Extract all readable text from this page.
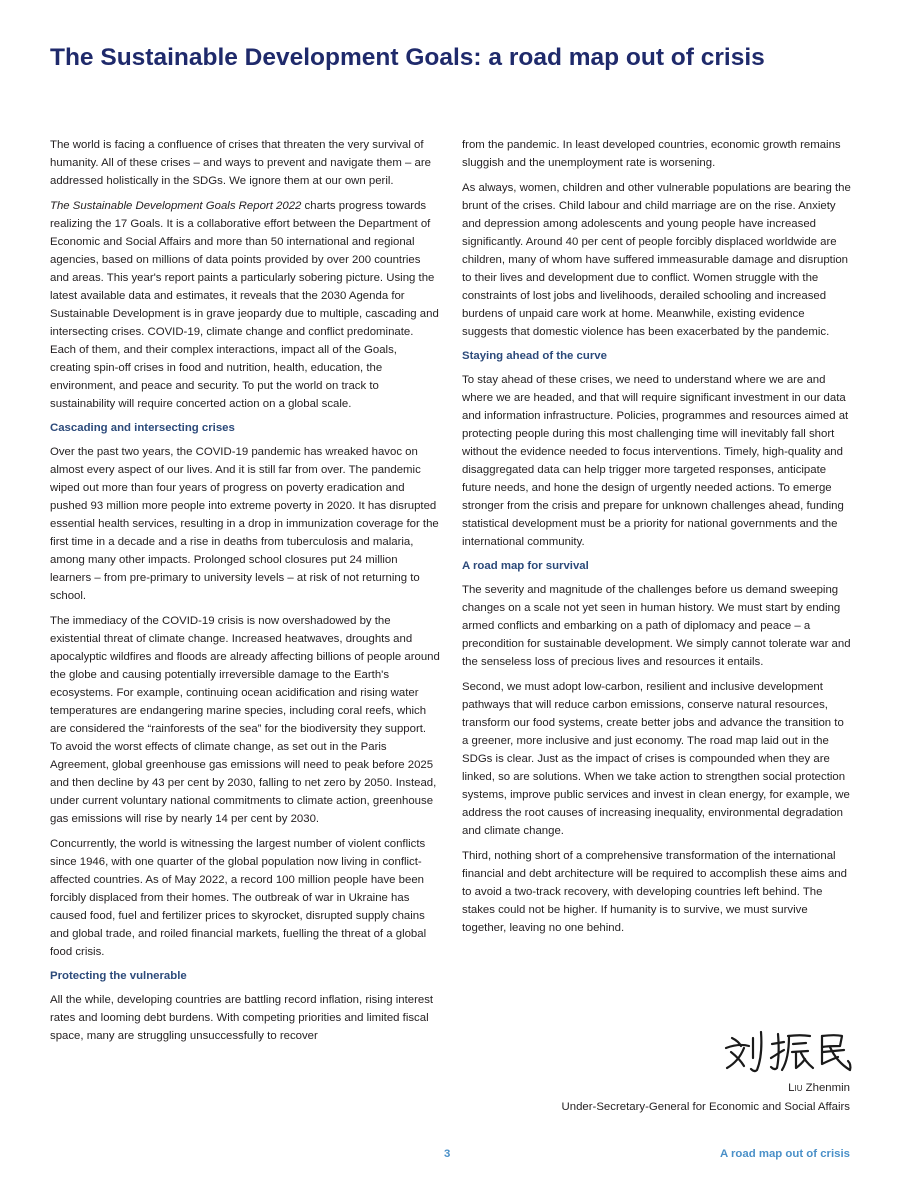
The Sustainable Development Goals: a road map out of crisis

The world is facing a confluence of crises that threaten the very survival of humanity. All of these crises – and ways to prevent and navigate them – are addressed holistically in the SDGs. We ignore them at our own peril.

The Sustainable Development Goals Report 2022 charts progress towards realizing the 17 Goals. It is a collaborative effort between the Department of Economic and Social Affairs and more than 50 international and regional agencies, based on millions of data points provided by over 200 countries and areas. This year's report paints a particularly sobering picture. Using the latest available data and estimates, it reveals that the 2030 Agenda for Sustainable Development is in grave jeopardy due to multiple, cascading and intersecting crises. COVID-19, climate change and conflict predominate. Each of them, and their complex interactions, impact all of the Goals, creating spin-off crises in food and nutrition, health, education, the environment, and peace and security. To put the world on track to sustainability will require concerted action on a global scale.

Cascading and intersecting crises

Over the past two years, the COVID-19 pandemic has wreaked havoc on almost every aspect of our lives. And it is still far from over. The pandemic wiped out more than four years of progress on poverty eradication and pushed 93 million more people into extreme poverty in 2020. It has disrupted essential health services, resulting in a drop in immunization coverage for the first time in a decade and a rise in deaths from tuberculosis and malaria, among many other impacts. Prolonged school closures put 24 million learners – from pre-primary to university levels – at risk of not returning to school.

The immediacy of the COVID-19 crisis is now overshadowed by the existential threat of climate change. Increased heatwaves, droughts and apocalyptic wildfires and floods are already affecting billions of people around the globe and causing potentially irreversible damage to the Earth's ecosystems. For example, continuing ocean acidification and rising water temperatures are endangering marine species, including coral reefs, which are considered the “rainforests of the sea” for the biodiversity they support. To avoid the worst effects of climate change, as set out in the Paris Agreement, global greenhouse gas emissions will need to peak before 2025 and then decline by 43 per cent by 2030, falling to net zero by 2050. Instead, under current voluntary national commitments to climate action, greenhouse gas emissions will rise by nearly 14 per cent by 2030.

Concurrently, the world is witnessing the largest number of violent conflicts since 1946, with one quarter of the global population now living in conflict-affected countries. As of May 2022, a record 100 million people have been forcibly displaced from their homes. The outbreak of war in Ukraine has caused food, fuel and fertilizer prices to skyrocket, disrupted supply chains and global trade, and roiled financial markets, fuelling the threat of a global food crisis.

Protecting the vulnerable

All the while, developing countries are battling record inflation, rising interest rates and looming debt burdens. With competing priorities and limited fiscal space, many are struggling unsuccessfully to recover

from the pandemic. In least developed countries, economic growth remains sluggish and the unemployment rate is worsening.

As always, women, children and other vulnerable populations are bearing the brunt of the crises. Child labour and child marriage are on the rise. Anxiety and depression among adolescents and young people have increased significantly. Around 40 per cent of people forcibly displaced worldwide are children, many of whom have suffered immeasurable damage and disruption to their lives and development due to conflict. Women struggle with the constraints of lost jobs and livelihoods, derailed schooling and increased burdens of unpaid care work at home. Meanwhile, existing evidence suggests that domestic violence has been exacerbated by the pandemic.

Staying ahead of the curve

To stay ahead of these crises, we need to understand where we are and where we are headed, and that will require significant investment in our data and information infrastructure. Policies, programmes and resources aimed at protecting people during this most challenging time will inevitably fall short without the evidence needed to focus interventions. Timely, high-quality and disaggregated data can help trigger more targeted responses, anticipate future needs, and hone the design of urgently needed actions. To emerge stronger from the crisis and prepare for unknown challenges ahead, funding statistical development must be a priority for national governments and the international community.

A road map for survival

The severity and magnitude of the challenges before us demand sweeping changes on a scale not yet seen in human history. We must start by ending armed conflicts and embarking on a path of diplomacy and peace – a precondition for sustainable development. We simply cannot tolerate war and the senseless loss of precious lives and resources it entails.

Second, we must adopt low-carbon, resilient and inclusive development pathways that will reduce carbon emissions, conserve natural resources, transform our food systems, create better jobs and advance the transition to a greener, more inclusive and just economy. The road map laid out in the SDGs is clear. Just as the impact of crises is compounded when they are linked, so are solutions. When we take action to strengthen social protection systems, improve public services and invest in clean energy, for example, we address the root causes of increasing inequality, environmental degradation and climate change.

Third, nothing short of a comprehensive transformation of the international financial and debt architecture will be required to accomplish these aims and to avoid a two-track recovery, with developing countries left behind. The stakes could not be higher. If humanity is to survive, we must survive together, leaving no one behind.

Liu Zhenmin
Under-Secretary-General for Economic and Social Affairs
3	A road map out of crisis
